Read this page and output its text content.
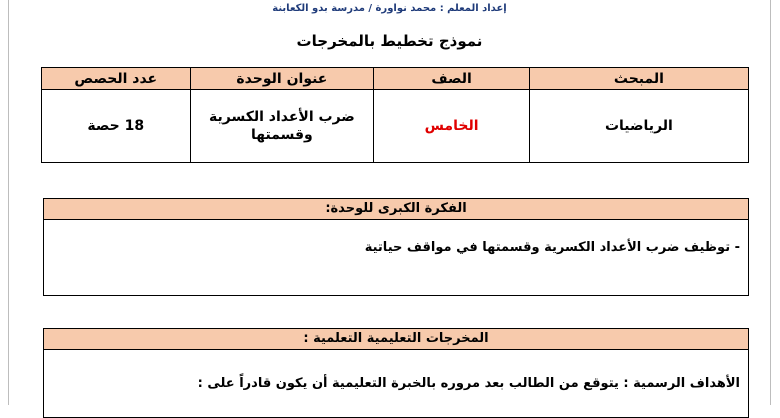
إعداد المعلم : محمد نواورة / مدرسة بدو الكعابنة
نموذج تخطيط بالمخرجات
المبحث	الصف	عنوان الوحدة	عدد الحصص
الرياضيات	الخامس	ضرب الأعداد الكسرية وقسمتها	18 حصة
الفكرة الكبرى للوحدة:
- توظيف ضرب الأعداد الكسرية وقسمتها في مواقف حياتية
المخرجات التعليمية التعلمية :
الأهداف الرسمية : يتوقع من الطالب بعد مروره بالخبرة التعليمية أن يكون قادراً على :
